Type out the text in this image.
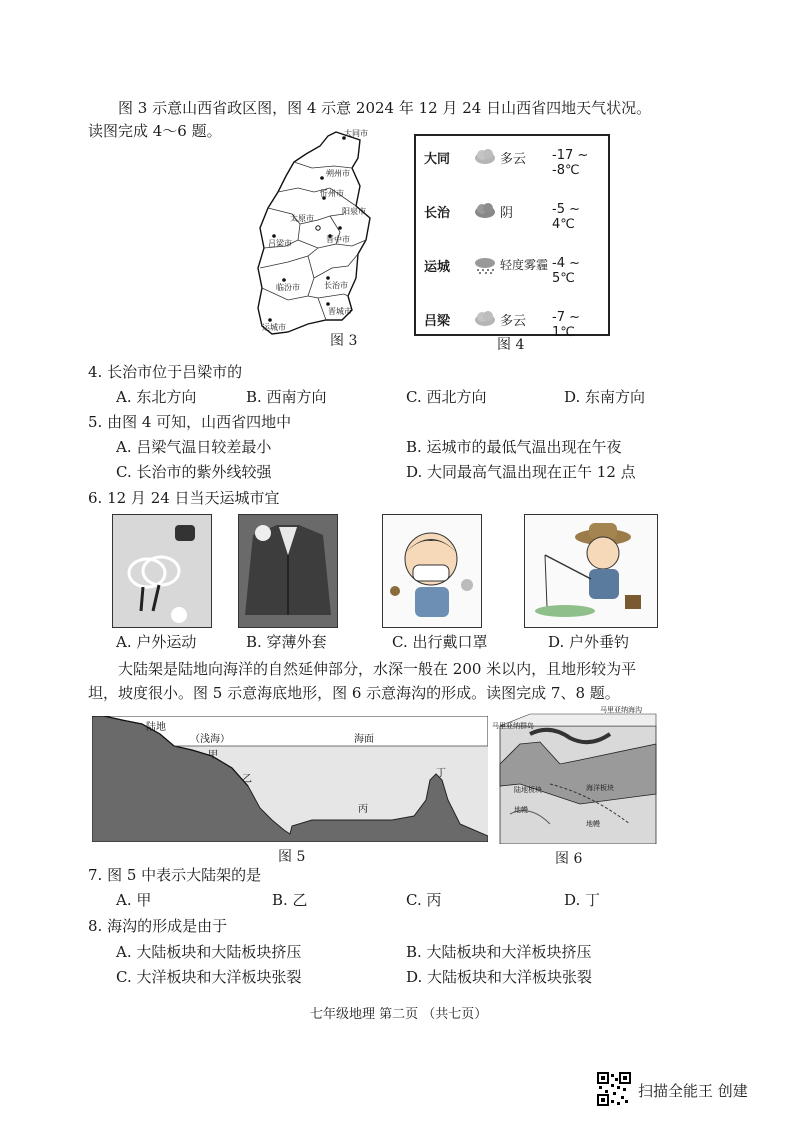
图 3 示意山西省政区图，图 4 示意 2024 年 12 月 24 日山西省四地天气状况。
读图完成 4～6 题。	大同市
朔州市
忻州市
太原市
阳泉市
吕梁市	晋中市
临汾市	长治市
晋城市
运城市
图 3
大同	多云 -17 ~ -8℃
长治	阴	-5 ~ 4℃
运城	轻度雾霾 -4 ~ 5℃
吕梁	多云 -7 ~ 1℃
图 4
4. 长治市位于吕梁市的
A. 东北方向	B. 西南方向	C. 西北方向	D. 东南方向
5. 由图 4 可知，山西省四地中
A. 吕梁气温日较差最小	B. 运城市的最低气温出现在午夜
C. 长治市的紫外线较强	D. 大同最高气温出现在正午 12 点
6. 12 月 24 日当天运城市宜
A. 户外运动	B. 穿薄外套	C. 出行戴口罩	D. 户外垂钓
大陆架是陆地向海洋的自然延伸部分，水深一般在 200 米以内，且地形较为平
坦，坡度很小。图 5 示意海底地形，图 6 示意海沟的形成。读图完成 7、8 题。
陆地
（浅海）	海面
甲
乙
丙
丁
图 5
马里亚纳海沟
马里亚纳群岛
陆地板块	海洋板块
地幔
地幔
图 6
7. 图 5 中表示大陆架的是
A. 甲	B. 乙	C. 丙	D. 丁
8. 海沟的形成是由于
A. 大陆板块和大陆板块挤压	B. 大陆板块和大洋板块挤压
C. 大洋板块和大洋板块张裂	D. 大陆板块和大洋板块张裂
七年级地理 第二页 （共七页）
扫描全能王 创建
